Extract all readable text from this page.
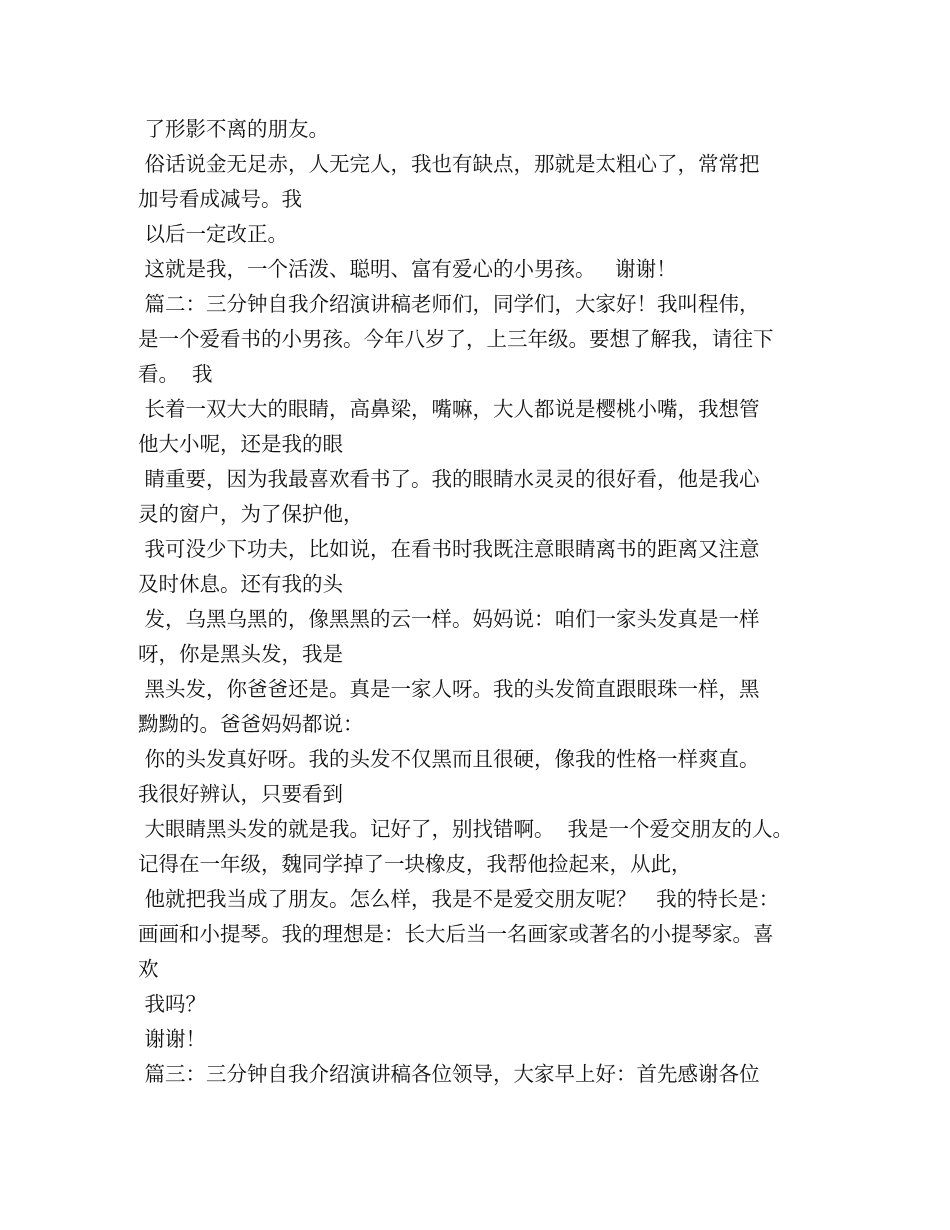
了形影不离的朋友。
俗话说金无足赤，人无完人，我也有缺点，那就是太粗心了，常常把
加号看成减号。我
以后一定改正。
这就是我，一个活泼、聪明、富有爱心的小男孩。   谢谢！
篇二：三分钟自我介绍演讲稿老师们，同学们，大家好！我叫程伟，
是一个爱看书的小男孩。今年八岁了，上三年级。要想了解我，请往下
看。  我
长着一双大大的眼睛，高鼻梁，嘴嘛，大人都说是樱桃小嘴，我想管
他大小呢，还是我的眼
睛重要，因为我最喜欢看书了。我的眼睛水灵灵的很好看，他是我心
灵的窗户，为了保护他，
我可没少下功夫，比如说，在看书时我既注意眼睛离书的距离又注意
及时休息。还有我的头
发，乌黑乌黑的，像黑黑的云一样。妈妈说：咱们一家头发真是一样
呀，你是黑头发，我是
黑头发，你爸爸还是。真是一家人呀。我的头发简直跟眼珠一样，黑
黝黝的。爸爸妈妈都说：
你的头发真好呀。我的头发不仅黑而且很硬，像我的性格一样爽直。
我很好辨认，只要看到
大眼睛黑头发的就是我。记好了，别找错啊。  我是一个爱交朋友的人。
记得在一年级，魏同学掉了一块橡皮，我帮他捡起来，从此，
他就把我当成了朋友。怎么样，我是不是爱交朋友呢？   我的特长是：
画画和小提琴。我的理想是：长大后当一名画家或著名的小提琴家。喜
欢
我吗？
谢谢！
篇三：三分钟自我介绍演讲稿各位领导，大家早上好：首先感谢各位
